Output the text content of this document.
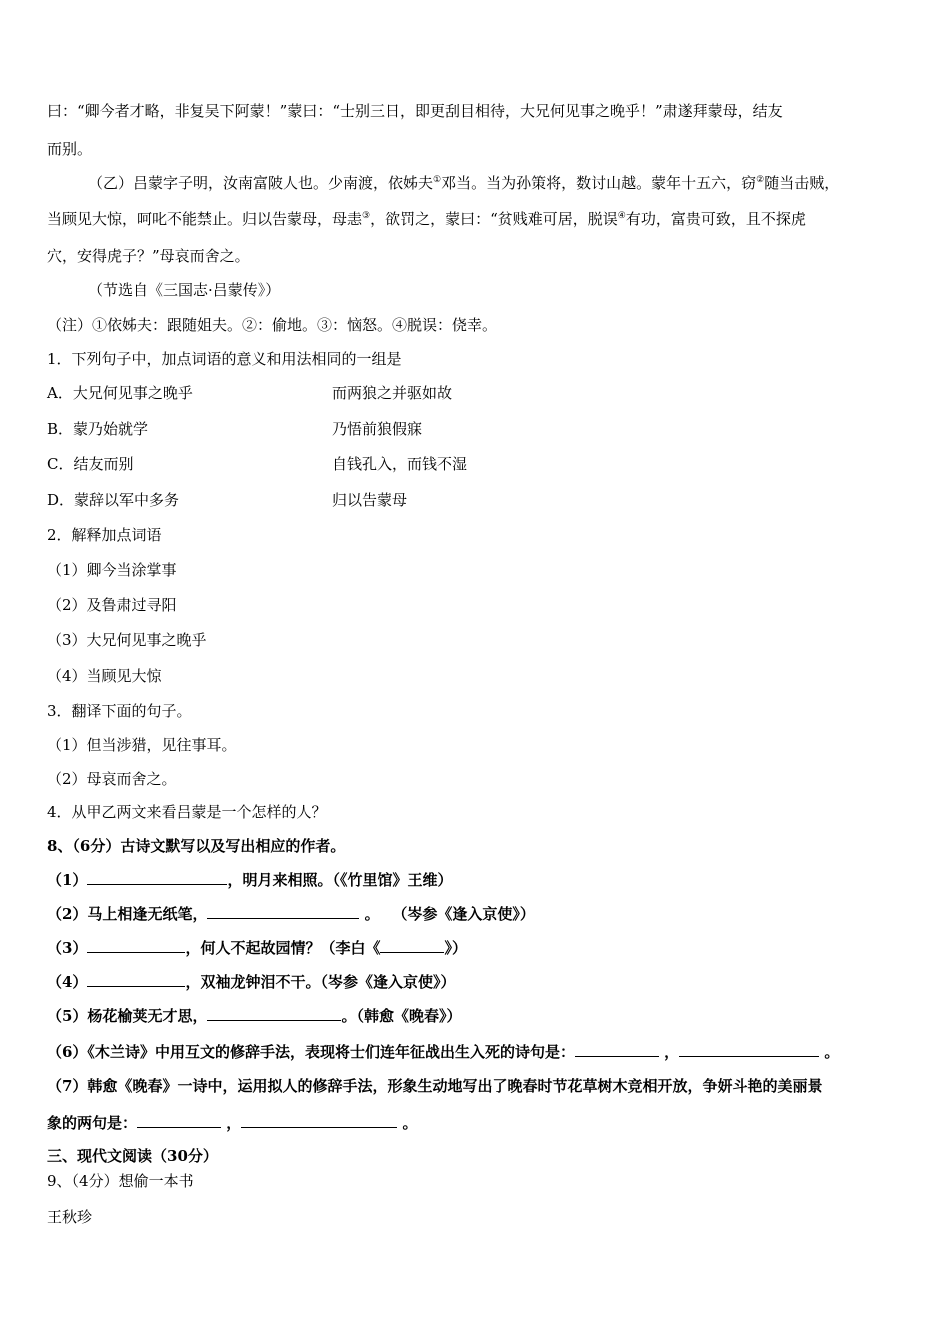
曰：“卿今者才略，非复吴下阿蒙！”蒙曰：“士别三日，即更刮目相待，大兄何见事之晚乎！”肃遂拜蒙母，结友
而别。
（乙）吕蒙字子明，汝南富陂人也。少南渡，依姊夫①邓当。当为孙策将，数讨山越。蒙年十五六，窃②随当击贼，
当顾见大惊，呵叱不能禁止。归以告蒙母，母恚③，欲罚之，蒙曰：“贫贱难可居，脱误④有功，富贵可致，且不探虎
穴，安得虎子？”母哀而舍之。
（节选自《三国志·吕蒙传》）
（注）①依姊夫：跟随姐夫。②：偷地。③：恼怒。④脱误：侥幸。
1．下列句子中，加点词语的意义和用法相同的一组是
A．大兄何见事之晚乎	而两狼之并驱如故
B．蒙乃始就学	乃悟前狼假寐
C．结友而别	自钱孔入，而钱不湿
D．蒙辞以军中多务	归以告蒙母
2．解释加点词语
（1）卿今当涂掌事
（2）及鲁肃过寻阳
（3）大兄何见事之晚乎
（4）当顾见大惊
3．翻译下面的句子。
（1）但当涉猎，见往事耳。
（2）母哀而舍之。
4．从甲乙两文来看吕蒙是一个怎样的人？
8、（6分）古诗文默写以及写出相应的作者。
（1）	，明月来相照。（《竹里馆》王维）
（2）马上相逢无纸笔，	。　 （岑参《逢入京使》）
（3）	，何人不起故园情？（李白《	》）
（4）	，双袖龙钟泪不干。（岑参《逢入京使》）
（5）杨花榆荚无才思，	。（韩愈《晚春》）
（6）《木兰诗》中用互文的修辞手法，表现将士们连年征战出生入死的诗句是：	，	。
（7）韩愈《晚春》一诗中，运用拟人的修辞手法，形象生动地写出了晚春时节花草树木竞相开放，争妍斗艳的美丽景
象的两句是：	，	。
三、现代文阅读（30分）
9、（4分）想偷一本书
王秋珍
